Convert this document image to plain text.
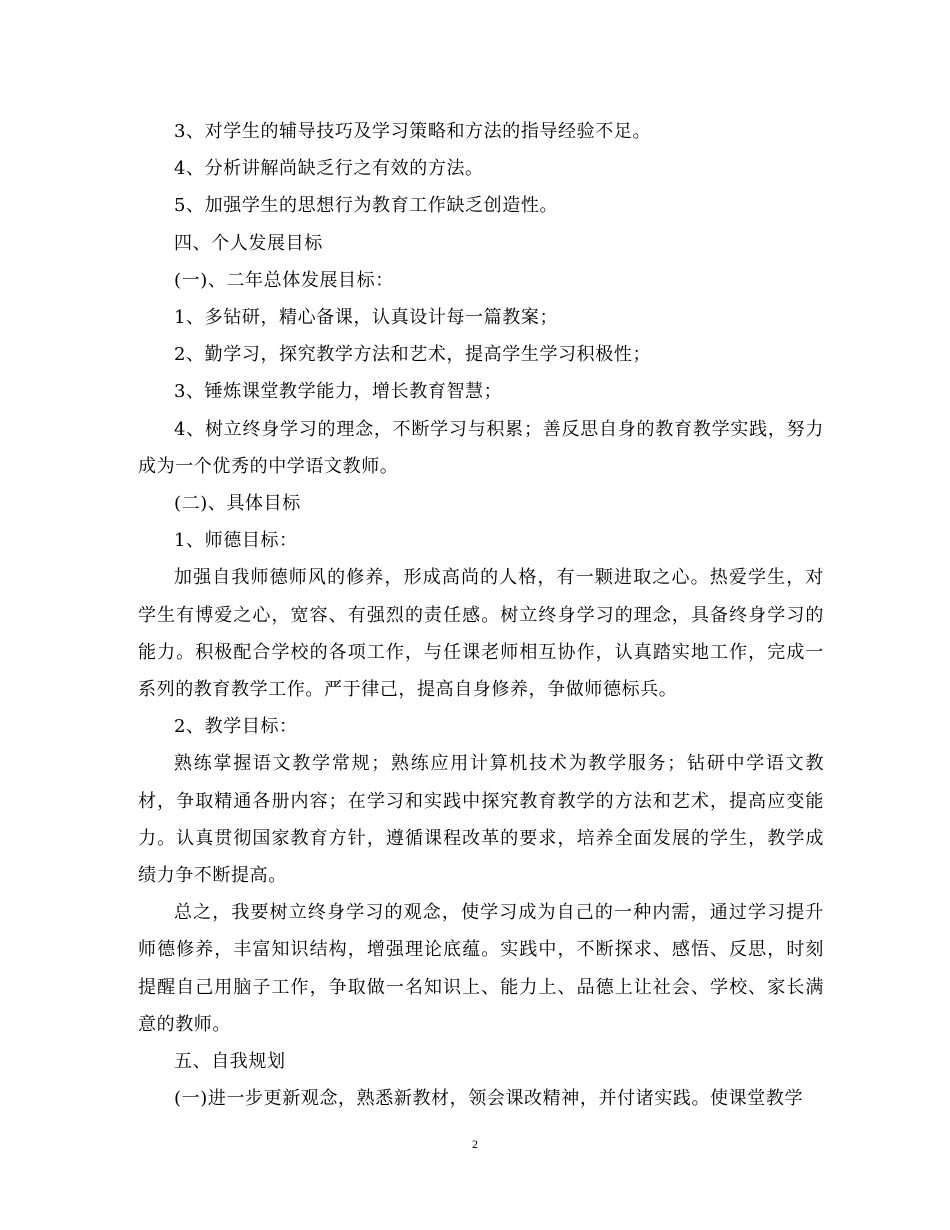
3、对学生的辅导技巧及学习策略和方法的指导经验不足。

4、分析讲解尚缺乏行之有效的方法。

5、加强学生的思想行为教育工作缺乏创造性。

四、个人发展目标

(一)、二年总体发展目标：

1、多钻研，精心备课，认真设计每一篇教案；

2、勤学习，探究教学方法和艺术，提高学生学习积极性；

3、锤炼课堂教学能力，增长教育智慧；

4、树立终身学习的理念，不断学习与积累；善反思自身的教育教学实践，努力成为一个优秀的中学语文教师。

(二)、具体目标

1、师德目标：

加强自我师德师风的修养，形成高尚的人格，有一颗进取之心。热爱学生，对学生有博爱之心，宽容、有强烈的责任感。树立终身学习的理念，具备终身学习的能力。积极配合学校的各项工作，与任课老师相互协作，认真踏实地工作，完成一系列的教育教学工作。严于律己，提高自身修养，争做师德标兵。

2、教学目标：

熟练掌握语文教学常规；熟练应用计算机技术为教学服务；钻研中学语文教材，争取精通各册内容；在学习和实践中探究教育教学的方法和艺术，提高应变能力。认真贯彻国家教育方针，遵循课程改革的要求，培养全面发展的学生，教学成绩力争不断提高。

总之，我要树立终身学习的观念，使学习成为自己的一种内需，通过学习提升师德修养，丰富知识结构，增强理论底蕴。实践中，不断探求、感悟、反思，时刻提醒自己用脑子工作，争取做一名知识上、能力上、品德上让社会、学校、家长满意的教师。

五、自我规划

(一)进一步更新观念，熟悉新教材，领会课改精神，并付诸实践。使课堂教学

2
